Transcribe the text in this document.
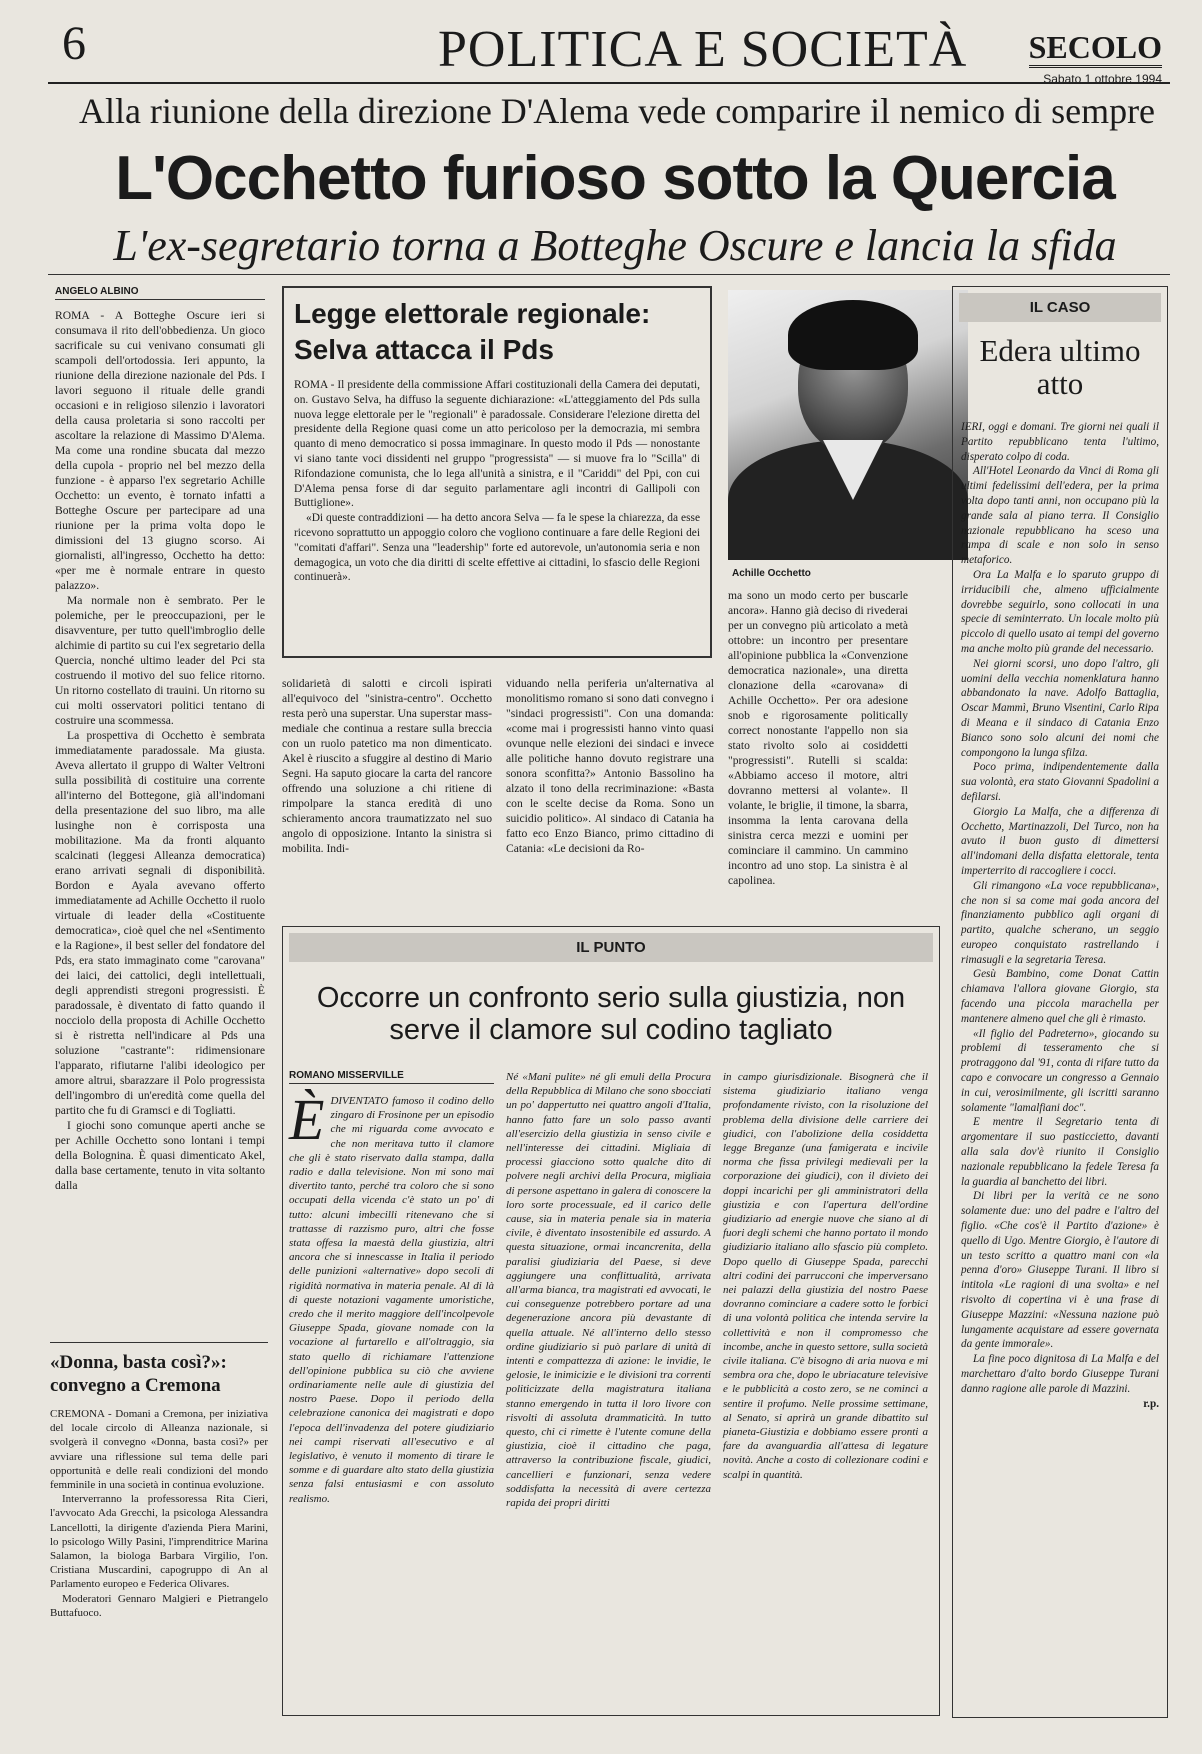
6	POLITICA E SOCIETÀ SECOLO
Sabato 1 ottobre 1994
Alla riunione della direzione D'Alema vede comparire il nemico di sempre
L'Occhetto furioso sotto la Quercia
L'ex-segretario torna a Botteghe Oscure e lancia la sfida
ANGELO ALBINO

ROMA - A Botteghe Oscure ieri si consumava il rito dell'obbedienza. Un gioco sacrificale su cui venivano consumati gli scampoli dell'ortodossia. Ieri appunto, la riunione della direzione nazionale del Pds. I lavori seguono il rituale delle grandi occasioni e in religioso silenzio i lavoratori della causa proletaria si sono raccolti per ascoltare la relazione di Massimo D'Alema. Ma come una rondine sbucata dal mezzo della cupola - proprio nel bel mezzo della funzione - è apparso l'ex segretario Achille Occhetto: un evento, è tornato infatti a Botteghe Oscure per partecipare ad una riunione per la prima volta dopo le dimissioni del 13 giugno scorso. Ai giornalisti, all'ingresso, Occhetto ha detto: «per me è normale entrare in questo palazzo».

Ma normale non è sembrato. Per le polemiche, per le preoccupazioni, per le disavventure, per tutto quell'imbroglio delle alchimie di partito su cui l'ex segretario della Quercia, nonché ultimo leader del Pci sta costruendo il motivo del suo felice ritorno. Un ritorno costellato di trauini. Un ritorno su cui molti osservatori politici tentano di costruire una scommessa.

La prospettiva di Occhetto è sembrata immediatamente paradossale. Ma giusta. Aveva allertato il gruppo di Walter Veltroni sulla possibilità di costituire una corrente all'interno del Bottegone, già all'indomani della presentazione del suo libro, ma alle lusinghe non è corrisposta una mobilitazione. Ma da fronti alquanto scalcinati (leggesi Alleanza democratica) erano arrivati segnali di disponibilità. Bordon e Ayala avevano offerto immediatamente ad Achille Occhetto il ruolo virtuale di leader della «Costituente democratica», cioè quel che nel «Sentimento e la Ragione», il best seller del fondatore del Pds, era stato immaginato come "carovana" dei laici, dei cattolici, degli intellettuali, degli apprendisti stregoni progressisti. È paradossale, è diventato di fatto quando il nocciolo della proposta di Achille Occhetto si è ristretta nell'indicare al Pds una soluzione "castrante": ridimensionare l'apparato, rifiutarne l'alibi ideologico per amore altrui, sbarazzare il Polo progressista dell'ingombro di un'eredità come quella del partito che fu di Gramsci e di Togliatti.

I giochi sono comunque aperti anche se per Achille Occhetto sono lontani i tempi della Bolognina. È quasi dimenticato Akel, dalla base certamente, tenuto in vita soltanto dalla

Legge elettorale regionale: Selva attacca il Pds

ROMA - Il presidente della commissione Affari costituzionali della Camera dei deputati, on. Gustavo Selva, ha diffuso la seguente dichiarazione: «L'atteggiamento del Pds sulla nuova legge elettorale per le "regionali" è paradossale. Considerare l'elezione diretta del presidente della Regione quasi come un atto pericoloso per la democrazia, mi sembra quanto di meno democratico si possa immaginare. In questo modo il Pds — nonostante vi siano tante voci dissidenti nel gruppo "progressista" — si muove fra lo "Scilla" di Rifondazione comunista, che lo lega all'unità a sinistra, e il "Cariddi" del Ppi, con cui D'Alema pensa forse di dar seguito parlamentare agli incontri di Gallipoli con Buttiglione».

«Di queste contraddizioni — ha detto ancora Selva — fa le spese la chiarezza, da esse ricevono soprattutto un appoggio coloro che vogliono continuare a fare delle Regioni dei "comitati d'affari". Senza una "leadership" forte ed autorevole, un'autonomia seria e non demagogica, un voto che dia diritti di scelte effettive ai cittadini, lo sfascio delle Regioni continuerà».	Achille Occhetto

ma sono un modo certo per buscarle ancora». Hanno già deciso di rivederai per un convegno più articolato a metà ottobre: un incontro per presentare all'opinione pubblica la «Convenzione democratica nazionale», una diretta clonazione della «carovana» di Achille Occhetto». Per ora adesione snob e rigorosamente politically correct nonostante l'appello non sia stato rivolto solo ai cosiddetti "progressisti". Rutelli si scalda: «Abbiamo acceso il motore, altri dovranno mettersi al volante». Il volante, le briglie, il timone, la sbarra, insomma la lenta carovana della sinistra cerca mezzi e uomini per cominciare il cammino. Un cammino incontro ad uno stop. La sinistra è al capolinea.

solidarietà di salotti e circoli ispirati all'equivoco del "sinistra-centro". Occhetto resta però una superstar. Una superstar mass-mediale che continua a restare sulla breccia con un ruolo patetico ma non dimenticato. Akel è riuscito a sfuggire al destino di Mario Segni. Ha saputo giocare la carta del rancore offrendo una soluzione a chi ritiene di rimpolpare la stanca eredità di uno schieramento ancora traumatizzato nel suo angolo di opposizione. Intanto la sinistra si mobilita. Indi-

viduando nella periferia un'alternativa al monolitismo romano si sono dati convegno i "sindaci progressisti". Con una domanda: «come mai i progressisti hanno vinto quasi ovunque nelle elezioni dei sindaci e invece alle politiche hanno dovuto registrare una sonora sconfitta?» Antonio Bassolino ha alzato il tono della recriminazione: «Basta con le scelte decise da Roma. Sono un suicidio politico». Al sindaco di Catania ha fatto eco Enzo Bianco, primo cittadino di Catania: «Le decisioni da Ro-

IL CASO
Edera ultimo atto

IERI, oggi e domani. Tre giorni nei quali il Partito repubblicano tenta l'ultimo, disperato colpo di coda.

All'Hotel Leonardo da Vinci di Roma gli ultimi fedelissimi dell'edera, per la prima volta dopo tanti anni, non occupano più la grande sala al piano terra. Il Consiglio nazionale repubblicano ha sceso una rampa di scale e non solo in senso metaforico.

Ora La Malfa e lo sparuto gruppo di irriducibili che, almeno ufficialmente dovrebbe seguirlo, sono collocati in una specie di seminterrato. Un locale molto più piccolo di quello usato ai tempi del governo ma anche molto più grande del necessario.

Nei giorni scorsi, uno dopo l'altro, gli uomini della vecchia nomenklatura hanno abbandonato la nave. Adolfo Battaglia, Oscar Mammì, Bruno Visentini, Carlo Ripa di Meana e il sindaco di Catania Enzo Bianco sono solo alcuni dei nomi che compongono la lunga sfilza.

Poco prima, indipendentemente dalla sua volontà, era stato Giovanni Spadolini a defilarsi.

Giorgio La Malfa, che a differenza di Occhetto, Martinazzoli, Del Turco, non ha avuto il buon gusto di dimettersi all'indomani della disfatta elettorale, tenta imperterrito di raccogliere i cocci.

Gli rimangono «La voce repubblicana», che non si sa come mai goda ancora del finanziamento pubblico agli organi di partito, qualche scherano, un seggio europeo conquistato rastrellando i rimasugli e la segretaria Teresa.

Gesù Bambino, come Donat Cattin chiamava l'allora giovane Giorgio, sta facendo una piccola marachella per mantenere almeno quel che gli è rimasto.

«Il figlio del Padreterno», giocando su problemi di tesseramento che si protraggono dal '91, conta di rifare tutto da capo e convocare un congresso a Gennaio in cui, verosimilmente, gli iscritti saranno solamente "lamalfiani doc".

E mentre il Segretario tenta di argomentare il suo pasticcietto, davanti alla sala dov'è riunito il Consiglio nazionale repubblicano la fedele Teresa fa la guardia al banchetto dei libri.

Di libri per la verità ce ne sono solamente due: uno del padre e l'altro del figlio. «Che cos'è il Partito d'azione» è quello di Ugo. Mentre Giorgio, è l'autore di un testo scritto a quattro mani con «la penna d'oro» Giuseppe Turani. Il libro si intitola «Le ragioni di una svolta» e nel risvolto di copertina vi è una frase di Giuseppe Mazzini: «Nessuna nazione può lungamente acquistare ad essere governata da gente immorale».

La fine poco dignitosa di La Malfa e del marchettaro d'alto bordo Giuseppe Turani danno ragione alle parole di Mazzini.

r.p.
«Donna, basta così?»: convegno a Cremona

CREMONA - Domani a Cremona, per iniziativa del locale circolo di Alleanza nazionale, si svolgerà il convegno «Donna, basta così?» per avviare una riflessione sul tema delle pari opportunità e delle reali condizioni del mondo femminile in una società in continua evoluzione.

Interverranno la professoressa Rita Cieri, l'avvocato Ada Grecchi, la psicologa Alessandra Lancellotti, la dirigente d'azienda Piera Marini, lo psicologo Willy Pasini, l'imprenditrice Marina Salamon, la biologa Barbara Virgilio, l'on. Cristiana Muscardini, capogruppo di An al Parlamento europeo e Federica Olivares.

Moderatori Gennaro Malgieri e Pietrangelo Buttafuoco.

IL PUNTO
Occorre un confronto serio sulla giustizia, non serve il clamore sul codino tagliato
ROMANO MISSERVILLE
È DIVENTATO famoso il codino dello zingaro di Frosinone per un episodio che mi riguarda come avvocato e che non meritava tutto il clamore che gli è stato riservato dalla stampa, dalla radio e dalla televisione. Non mi sono mai divertito tanto, perché tra coloro che si sono occupati della vicenda c'è stato un po' di tutto: alcuni imbecilli ritenevano che si trattasse di razzismo puro, altri che fosse stata offesa la maestà della giustizia, altri ancora che si innescasse in Italia il periodo delle punizioni «alternative» dopo secoli di rigidità normativa in materia penale. Al di là di queste notazioni vagamente umoristiche, credo che il merito maggiore dell'incolpevole Giuseppe Spada, giovane nomade con la vocazione al furtarello e all'oltraggio, sia stato quello di richiamare l'attenzione dell'opinione pubblica su ciò che avviene ordinariamente nelle aule di giustizia del nostro Paese. Dopo il periodo della celebrazione canonica dei magistrati e dopo l'epoca dell'invadenza del potere giudiziario nei campi riservati all'esecutivo e al legislativo, è venuto il momento di tirare le somme e di guardare alto stato della giustizia senza falsi entusiasmi e con assoluto realismo.
Né «Mani pulite» né gli emuli della Procura della Repubblica di Milano che sono sbocciati un po' dappertutto nei quattro angoli d'Italia, hanno fatto fare un solo passo avanti all'esercizio della giustizia in senso civile e nell'interesse dei cittadini. Migliaia di processi giacciono sotto qualche dito di polvere negli archivi della Procura, migliaia di persone aspettano in galera di conoscere la loro sorte processuale, ed il carico delle cause, sia in materia penale sia in materia civile, è diventato insostenibile ed assurdo. A questa situazione, ormai incancrenita, della paralisi giudiziaria del Paese, si deve aggiungere una conflittualità, arrivata all'arma bianca, tra magistrati ed avvocati, le cui conseguenze potrebbero portare ad una degenerazione ancora più devastante di quella attuale. Né all'interno dello stesso ordine giudiziario si può parlare di unità di intenti e compattezza di azione: le invidie, le gelosie, le inimicizie e le divisioni tra correnti politicizzate della magistratura italiana stanno emergendo in tutta il loro livore con risvolti di assoluta drammaticità. In tutto questo, chi ci rimette è l'utente comune della giustizia, cioè il cittadino che paga, attraverso la contribuzione fiscale, giudici, cancellieri e funzionari, senza vedere soddisfatta la necessità di avere certezza rapida dei propri diritti
in campo giurisdizionale. Bisognerà che il sistema giudiziario italiano venga profondamente rivisto, con la risoluzione del problema della divisione delle carriere dei giudici, con l'abolizione della cosiddetta legge Breganze (una famigerata e incivile norma che fissa privilegi medievali per la corporazione dei giudici), con il divieto dei doppi incarichi per gli amministratori della giustizia e con l'apertura dell'ordine giudiziario ad energie nuove che siano al di fuori degli schemi che hanno portato il mondo giudiziario italiano allo sfascio più completo. Dopo quello di Giuseppe Spada, parecchi altri codini dei parrucconi che imperversano nei palazzi della giustizia del nostro Paese dovranno cominciare a cadere sotto le forbici di una volontà politica che intenda servire la collettività e non il compromesso che incombe, anche in questo settore, sulla società civile italiana. C'è bisogno di aria nuova e mi sembra ora che, dopo le ubriacature televisive e le pubblicità a costo zero, se ne cominci a sentire il profumo. Nelle prossime settimane, al Senato, si aprirà un grande dibattito sul pianeta-Giustizia e dobbiamo essere pronti a fare da avanguardia all'attesa di legature novità. Anche a costo di collezionare codini e scalpi in quantità.
